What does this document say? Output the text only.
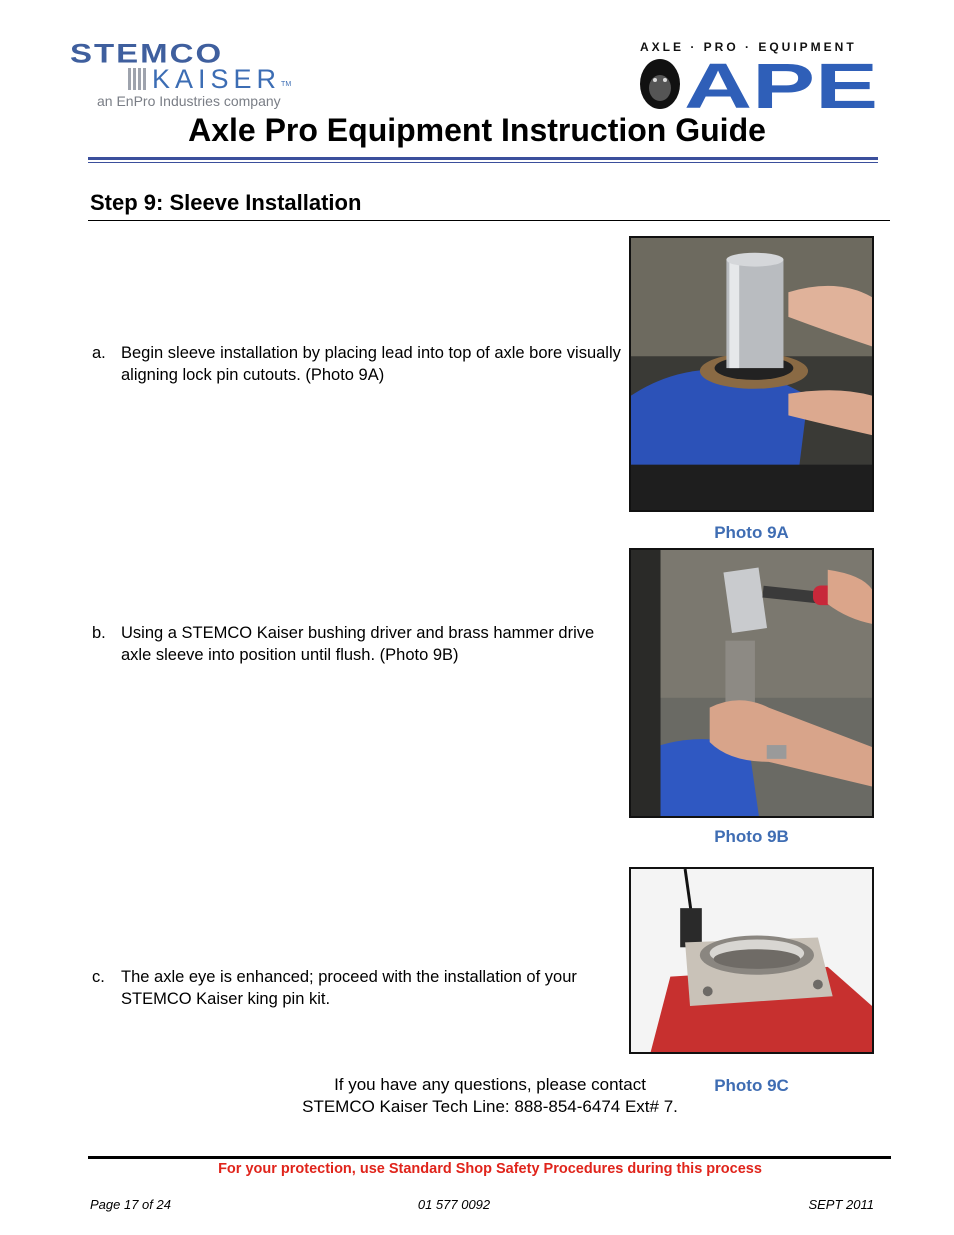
STEMCO
KAISER TM
an EnPro Industries company
AXLE · PRO · EQUIPMENT
APE
Axle Pro Equipment Instruction Guide
Step 9: Sleeve Installation
a. Begin sleeve installation by placing lead into top of axle bore visually aligning lock pin cutouts. (Photo 9A)
b. Using a STEMCO Kaiser bushing driver and brass hammer drive axle sleeve into position until flush. (Photo 9B)
c. The axle eye is enhanced; proceed with the installation of your STEMCO Kaiser king pin kit.
Photo 9A
Photo 9B
Photo 9C
If you have any questions, please contact
STEMCO Kaiser Tech Line: 888-854-6474 Ext# 7.
For your protection, use Standard Shop Safety Procedures during this process
Page 17 of 24	01 577 0092	SEPT 2011
